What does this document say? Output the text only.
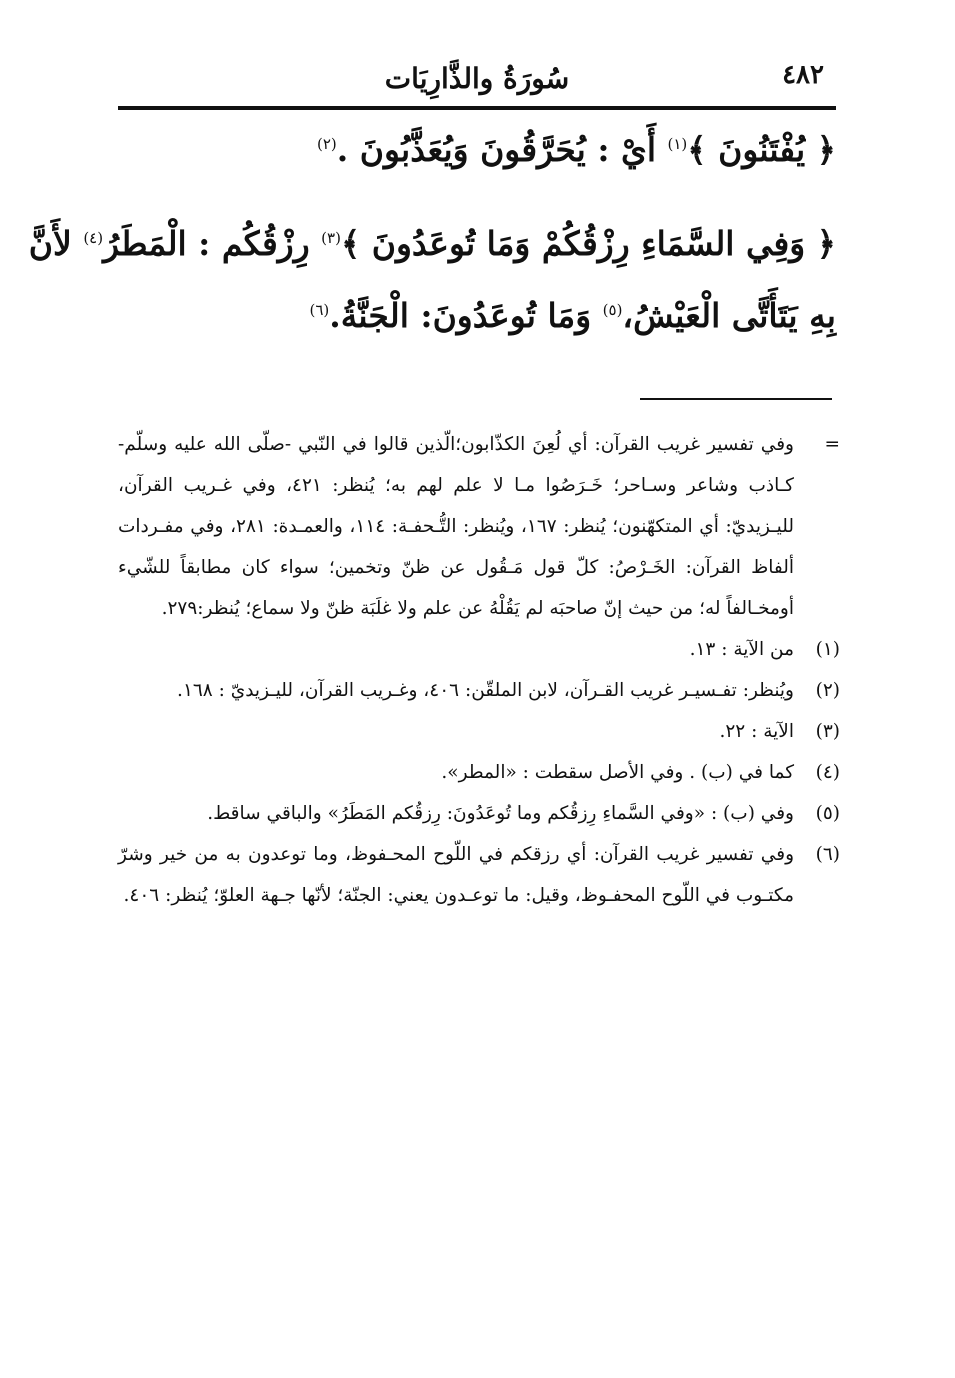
٤٨٢
سُورَةُ والذَّارِيَات
﴿ يُفْتَنُونَ ﴾$^{(١)}$ أَيْ : يُحَرَّقُونَ وَيُعَذَّبُونَ .$^{(٢)}$
﴿ وَفِي السَّمَاءِ رِزْقُكُمْ وَمَا تُوعَدُونَ ﴾$^{(٣)}$ رِزْقُكُم : الْمَطَرُ$^{(٤)}$ لأَنَّ
بِهِ يَتَأَتَّى الْعَيْشُ،$^{(٥)}$ وَمَا تُوعَدُونَ: الْجَنَّةُ.$^{(٦)}$
=
وفي تفسير غريب القرآن: أي لُعِنَ الكذّابون؛الّذين قالوا في النّبي -صلّى الله عليه وسلّم- كـاذب وشاعر وسـاحر؛ خَـرَصُوا مـا لا علم لهم به؛ يُنظر: ٤٢١، وفي غـريب القرآن، لليـزيديّ: أي المتكهّنون؛ يُنظر: ١٦٧، ويُنظر: التُّـحفـة: ١١٤، والعمـدة: ٢٨١، وفي مفـردات ألفاظ القرآن: الخَـرْصُ: كلّ قول مَـقُول عن ظنّ وتخمين؛ سواء كان مطابقاً للشّيء أومخـالفاً له؛ من حيث إنّ صاحبَه لم يَقُلْهُ عن علم ولا غلَبَة ظنّ ولا سماع؛ يُنظر:٢٧٩.
(١)
من الآية : ١٣.
(٢)
ويُنظر: تفـسيـر غريب القـرآن، لابن الملقّن: ٤٠٦، وغـريب القرآن، لليـزيديّ : ١٦٨.
(٣)
الآية : ٢٢.
(٤)
كما في (ب) . وفي الأصل سقطت : «المطر».
(٥)
وفي (ب) : «وفي السَّماءِ رِزقُكم وما تُوعَدُونَ: رِزقُكم المَطَرُ» والباقي ساقط.
(٦)
وفي تفسير غريب القرآن: أي رزقكم في اللّوح المحـفوظ، وما توعدون به من خير وشرّ مكتـوب في اللّوح المحفـوظ، وقيل: ما توعـدون يعني: الجنّة؛ لأنّها جـهة العلوّ؛ يُنظر: ٤٠٦.
